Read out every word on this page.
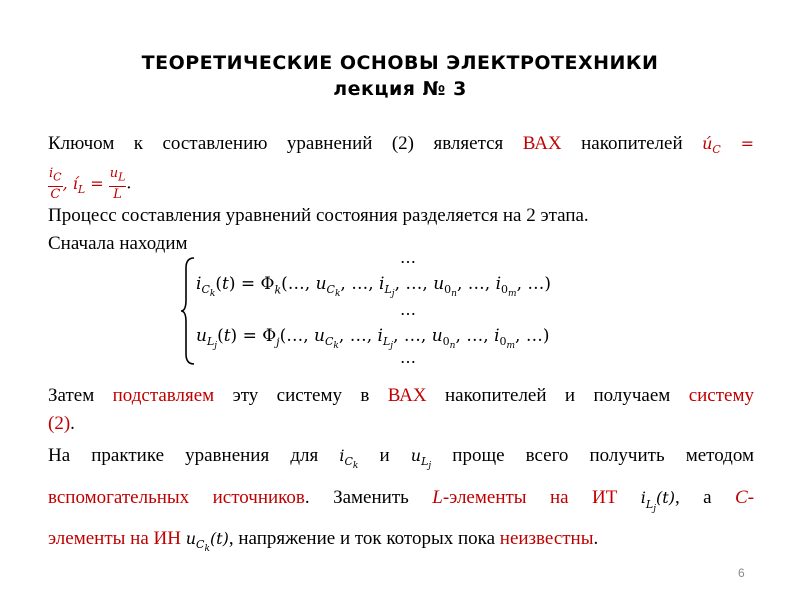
ТЕОРЕТИЧЕСКИЕ ОСНОВЫ ЭЛЕКТРОТЕХНИКИ
лекция № 3
Ключом к составлению уравнений (2) является ВАХ накопителей $ú_C$ =
$\frac{i_C}{C}$ , $í_L = \frac{u_L}{L}$ .
Процесс составления уравнений состояния разделяется на 2 этапа.
Сначала находим
…
…
…
$i_{C_k}(t)$ = $\Phi_k(\dots$, $u_{C_k}$, …, $i_{L_j}$, …, $u_{0_n}$, …, $i_{0_m}$, …)
$u_{L_j}(t)$ = $\Phi_j(\dots$, $u_{C_k}$, …, $i_{L_j}$, …, $u_{0_n}$, …, $i_{0_m}$, …)
Затем подставляем эту систему в ВАХ накопителей и получаем систему
(2).
На практике уравнения для $i_{C_k}$ и $u_{L_j}$ проще всего получить методом
вспомогательных источников. Заменить L-элементы на ИТ $i_{L_j}(t)$, а C-
элементы на ИН $u_{C_k}(t)$, напряжение и ток которых пока неизвестны.
6
